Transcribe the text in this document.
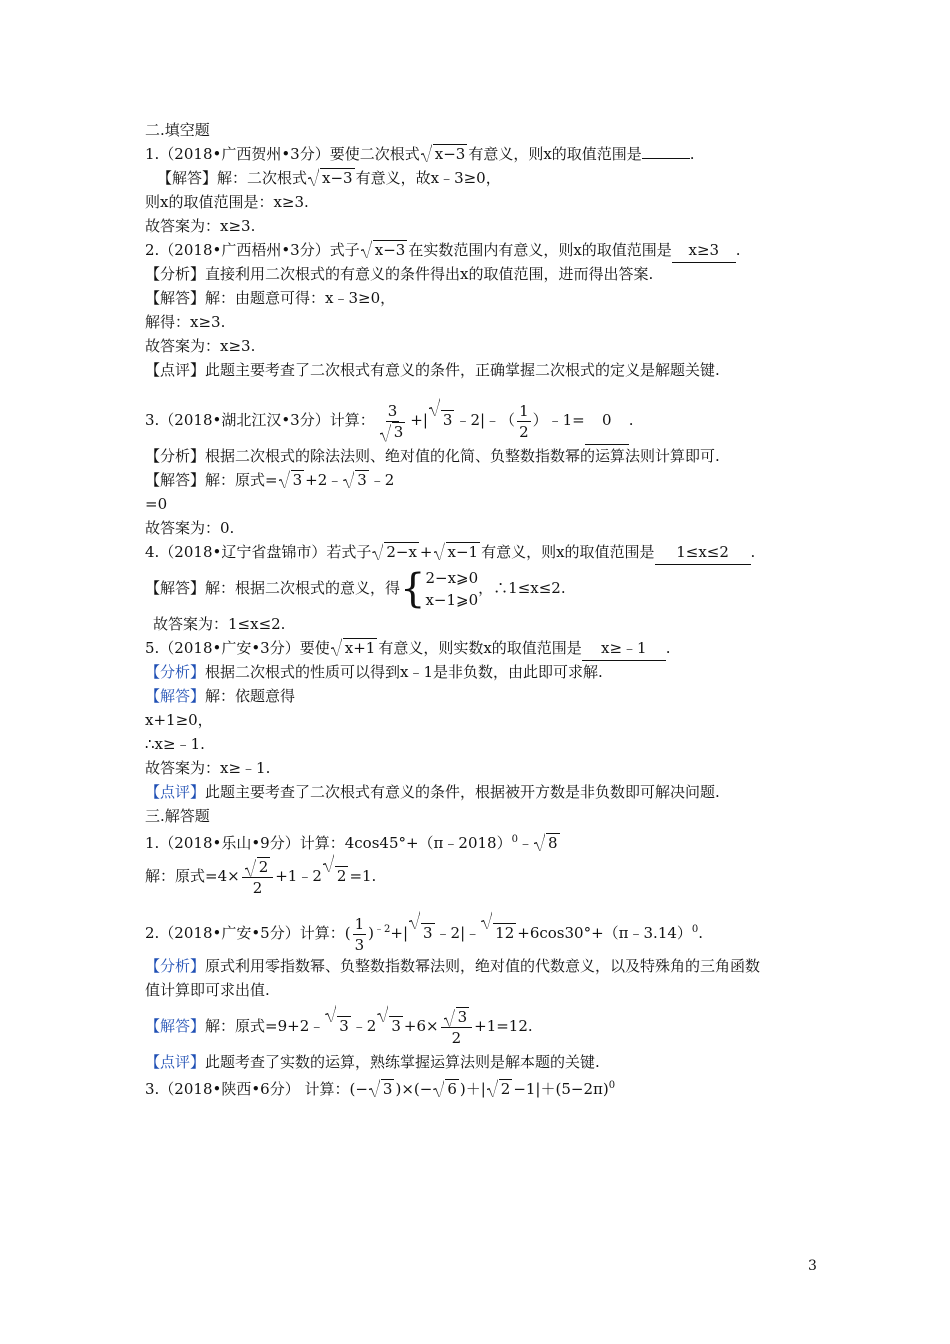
二.填空题
1.（2018•广西贺州•3分）要使二次根式 x−3 有意义，则x的取值范围是	.
【解答】解：二次根式 x−3 有意义，故x﹣3≥0，
则x的取值范围是：x≥3.
故答案为：x≥3.
2.（2018•广西梧州•3分）式子 x−3 在实数范围内有意义，则x的取值范围是 x≥3 .
【分析】直接利用二次根式的有意义的条件得出x的取值范围，进而得出答案.
【解答】解：由题意可得：x﹣3≥0，
解得：x≥3.
故答案为：x≥3.
【点评】此题主要考查了二次根式有意义的条件，正确掌握二次根式的定义是解题关键.
3.（2018•湖北江汉•3分）计算： $\frac{3}{3}$ +| 3 ﹣2|﹣（ $\frac{1}{2}$ ）﹣1= 0 .
【分析】根据二次根式的除法法则、绝对值的化简、负整数指数幂的运算法则计算即可.
【解答】解：原式= 3 +2﹣ 3 ﹣2
=0
故答案为：0.
4.（2018•辽宁省盘锦市）若式子 2−x + x−1 有意义，则x的取值范围是 1≤x≤2 .
【解答】解：根据二次根式的意义，得 { 2−x⩾0
x−1⩾0
，∴1≤x≤2.
故答案为：1≤x≤2.
5.（2018•广安•3分）要使 x+1 有意义，则实数x的取值范围是 x≥﹣1 .
【分析】根据二次根式的性质可以得到x﹣1是非负数，由此即可求解.
【解答】解：依题意得
x+1≥0，
∴x≥﹣1.
故答案为：x≥﹣1.
【点评】此题主要考查了二次根式有意义的条件，根据被开方数是非负数即可解决问题.
三.解答题
1.（2018•乐山•9分）计算：4cos45°+（π﹣2018）$^0$﹣ 8
解：原式$=4\times \frac{2}{2}$ +1﹣2 2 =1.
2.（2018•广安•5分）计算：( $\frac{1}{3} )^{﹣2}+|$ 3 ﹣2|﹣ 12 +6cos30°+（π﹣3.14）$^0$.
【分析】原式利用零指数幂、负整数指数幂法则，绝对值的代数意义，以及特殊角的三角函数
值计算即可求出值.
【解答】解：原式=9+2﹣ 3 ﹣2 $3 +6\times \frac{3}{2} +1=12$.
【点评】此题考查了实数的运算，熟练掌握运算法则是解本题的关键.
3.（2018•陕西•6分） 计算：(− 3 )×(− 6 )＋| $2 -1|+(5-2\pi)^0$
3
